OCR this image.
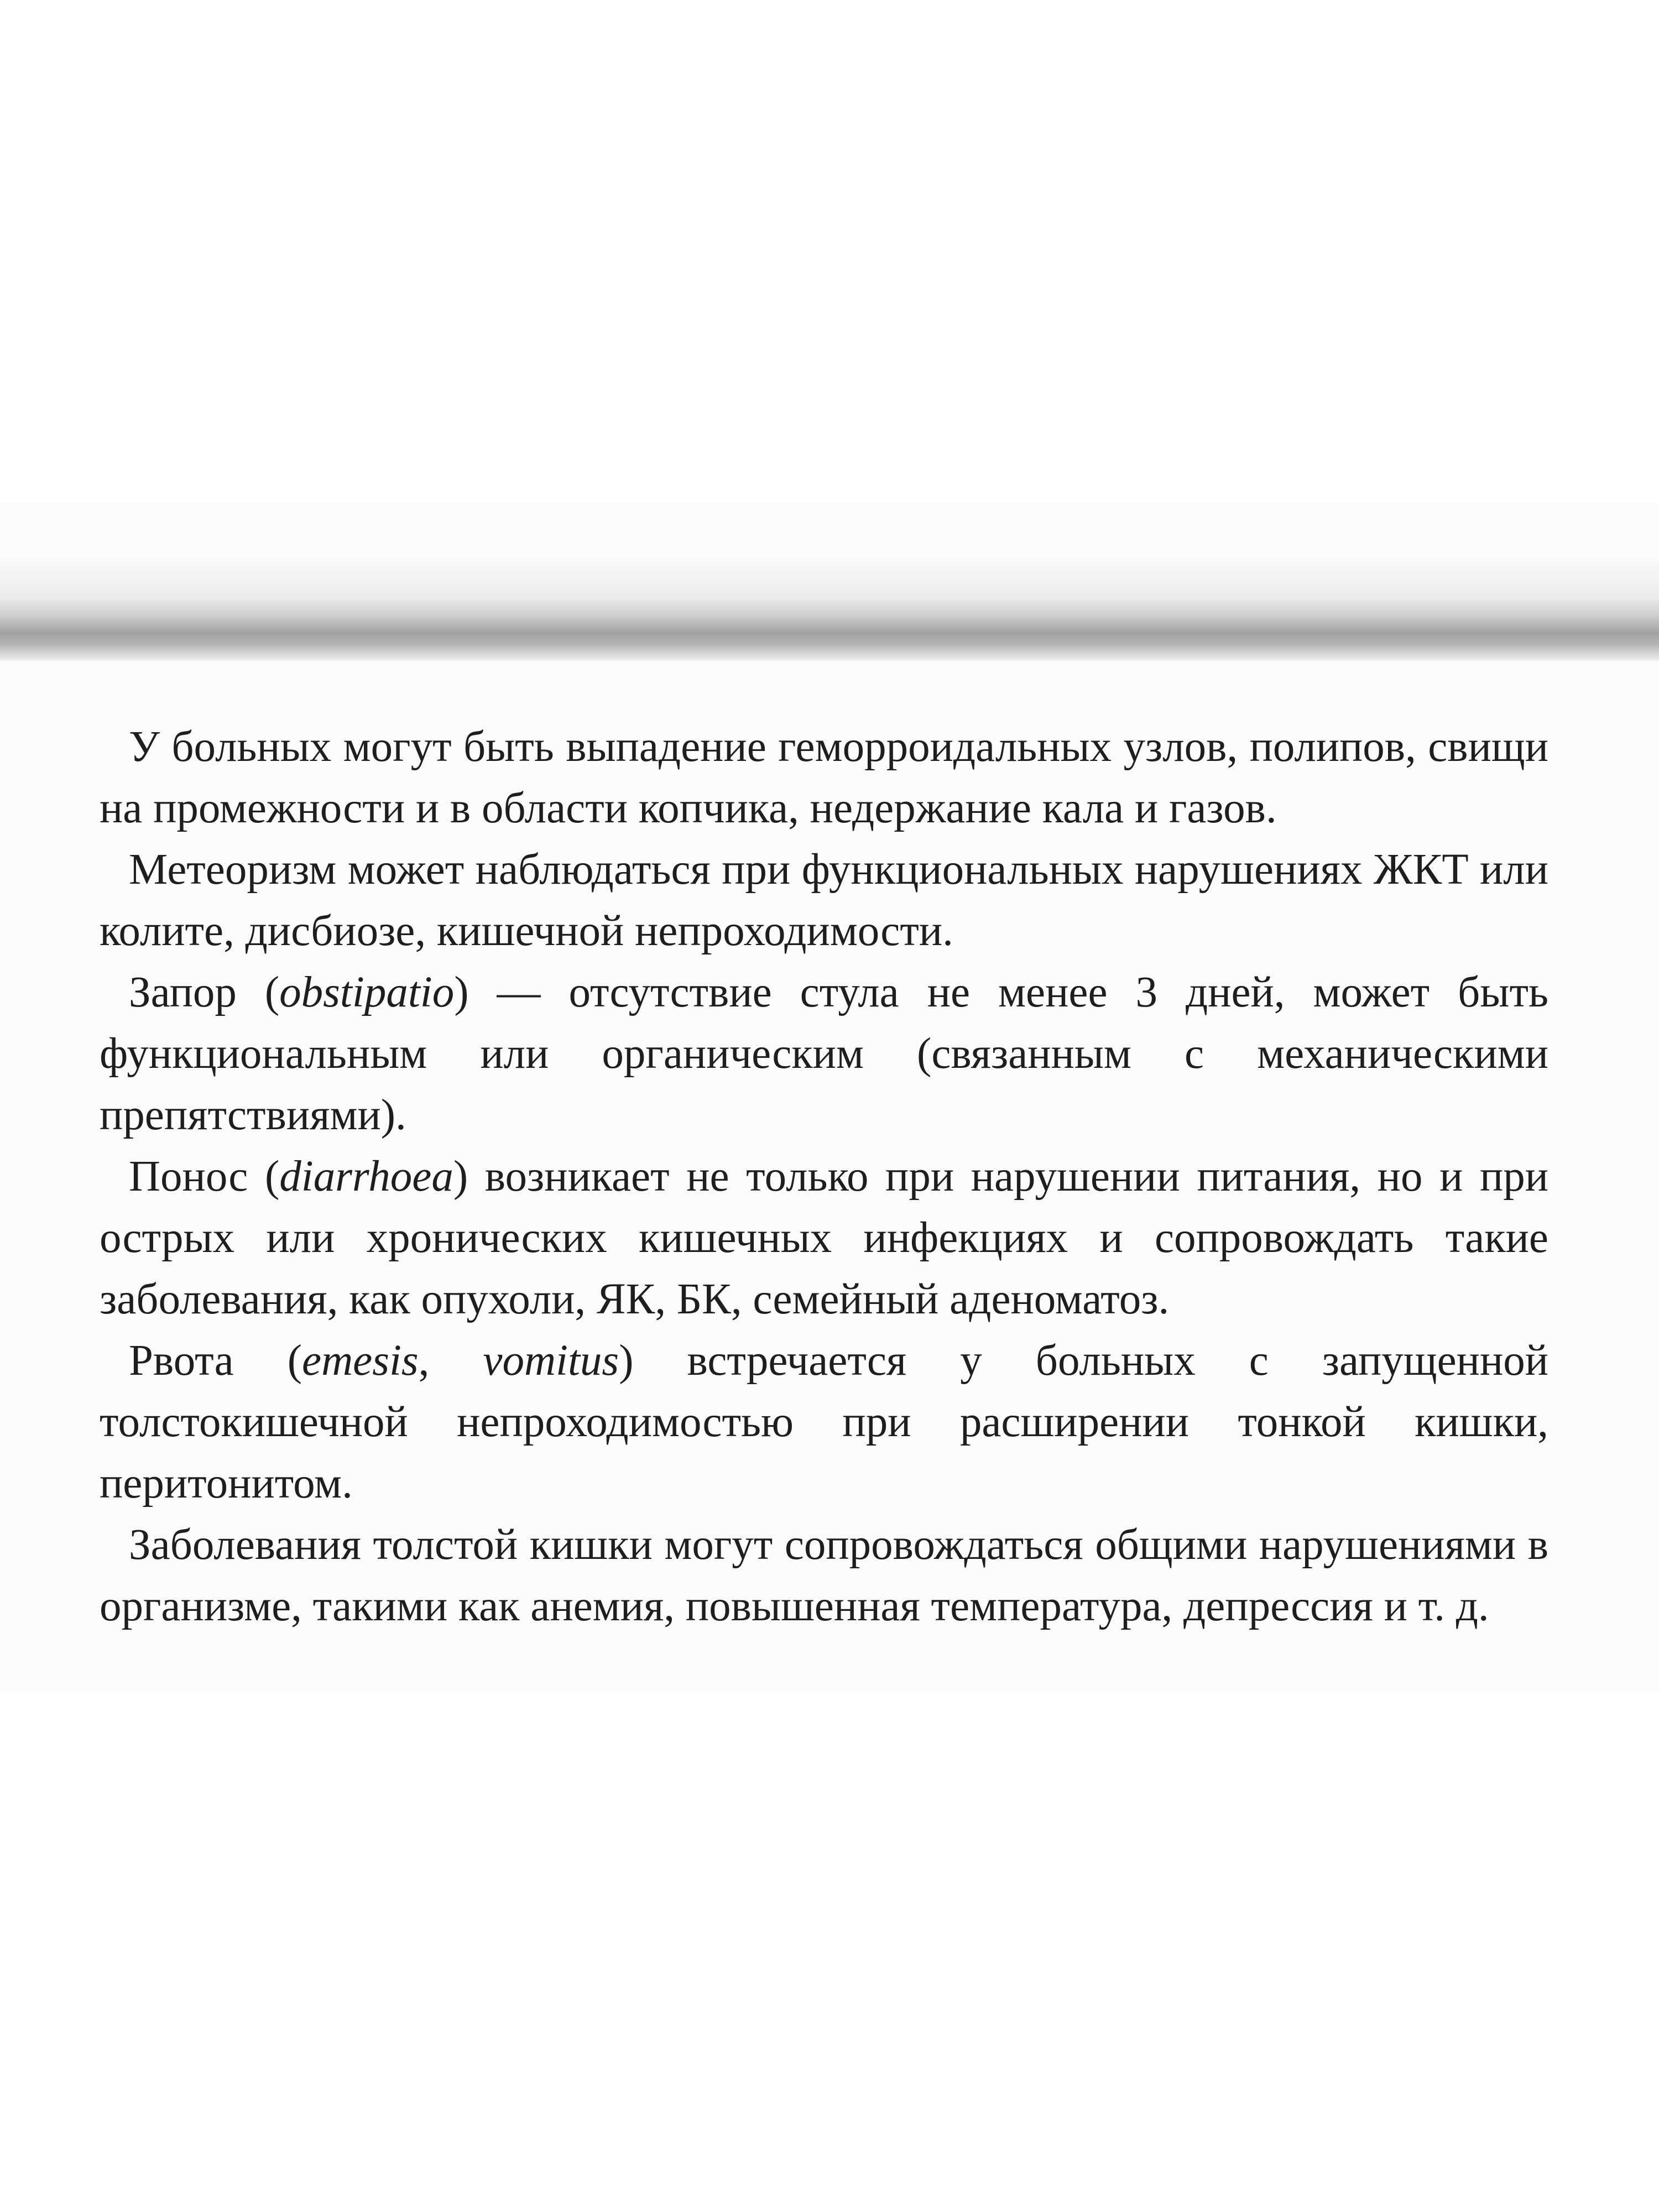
У больных могут быть выпадение геморроидальных узлов, полипов, свищи на промежности и в области копчика, недержание кала и газов.

Метеоризм может наблюдаться при функциональных нарушениях ЖКТ или колите, дисбиозе, кишечной непроходимости.

Запор (obstipatio) — отсутствие стула не менее 3 дней, может быть функциональным или органическим (связанным с механическими препятствиями).

Понос (diarrhoea) возникает не только при нарушении питания, но и при острых или хронических кишечных инфекциях и сопровождать такие заболевания, как опухоли, ЯК, БК, семейный аденоматоз.

Рвота (emesis, vomitus) встречается у больных с запущенной толстокишечной непроходимостью при расширении тонкой кишки, перитонитом.

Заболевания толстой кишки могут сопровождаться общими нарушениями в организме, такими как анемия, повышенная температура, депрессия и т. д.
